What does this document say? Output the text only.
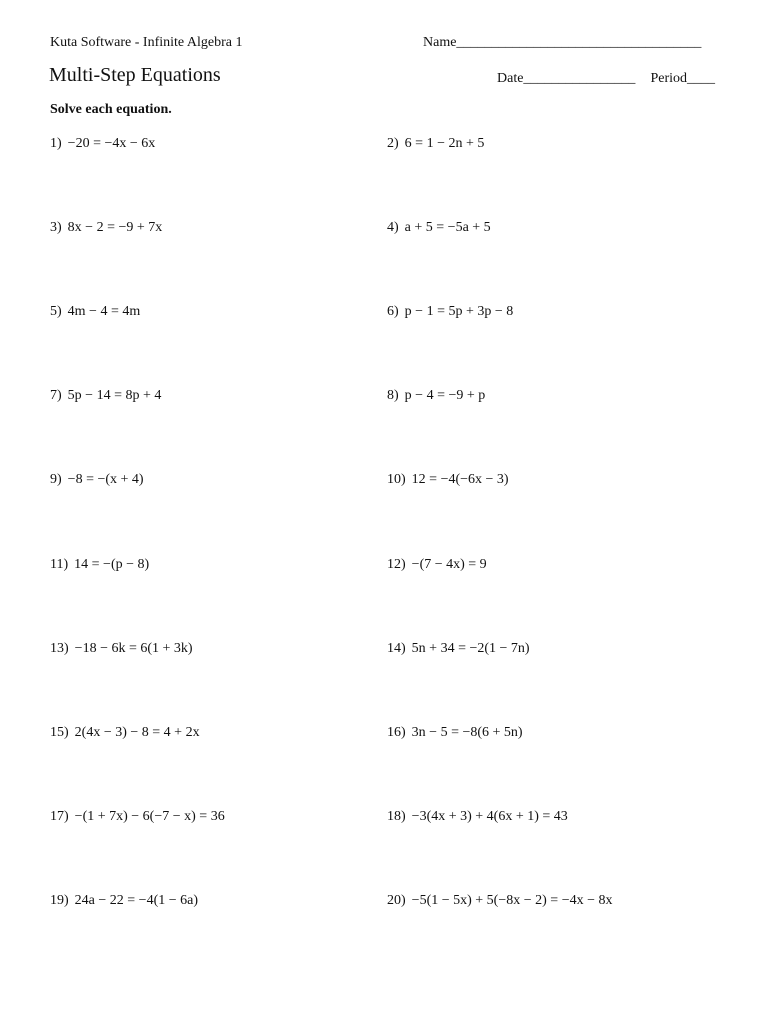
Kuta Software - Infinite Algebra 1
Multi-Step Equations
Name___________________________________
Date________________ Period____
Solve each equation.
1) −20 = −4x − 6x	2) 6 = 1 − 2n + 5
3) 8x − 2 = −9 + 7x	4) a + 5 = −5a + 5
5) 4m − 4 = 4m	6) p − 1 = 5p + 3p − 8
7) 5p − 14 = 8p + 4	8) p − 4 = −9 + p
9) −8 = −(x + 4)	10) 12 = −4(−6x − 3)
11) 14 = −(p − 8)	12) −(7 − 4x) = 9
13) −18 − 6k = 6(1 + 3k)	14) 5n + 34 = −2(1 − 7n)
15) 2(4x − 3) − 8 = 4 + 2x	16) 3n − 5 = −8(6 + 5n)
17) −(1 + 7x) − 6(−7 − x) = 36	18) −3(4x + 3) + 4(6x + 1) = 43
19) 24a − 22 = −4(1 − 6a)	20) −5(1 − 5x) + 5(−8x − 2) = −4x − 8x
